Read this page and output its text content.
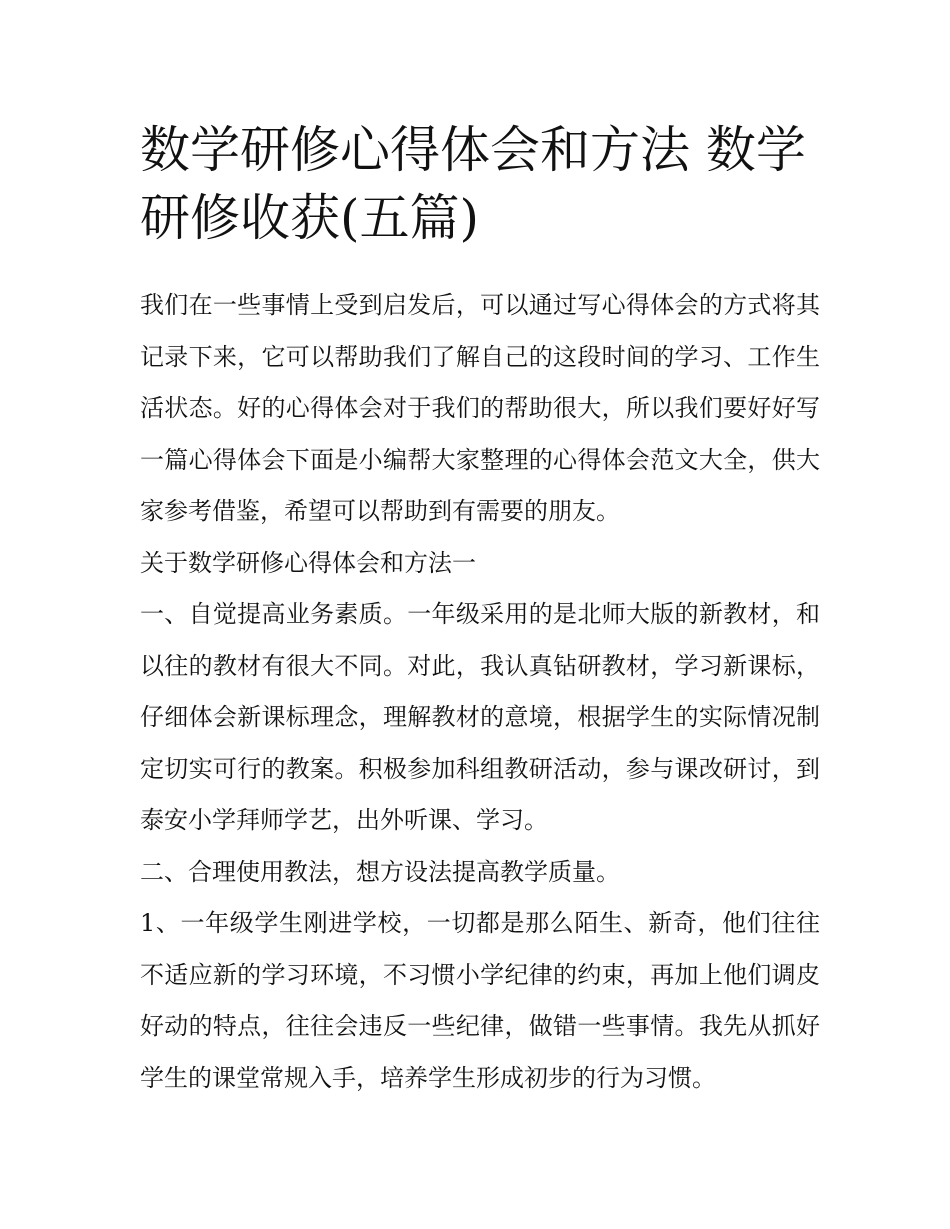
数学研修心得体会和方法 数学研修收获(五篇)

我们在一些事情上受到启发后，可以通过写心得体会的方式将其记录下来，它可以帮助我们了解自己的这段时间的学习、工作生活状态。好的心得体会对于我们的帮助很大，所以我们要好好写一篇心得体会下面是小编帮大家整理的心得体会范文大全，供大家参考借鉴，希望可以帮助到有需要的朋友。

关于数学研修心得体会和方法一

一、自觉提高业务素质。一年级采用的是北师大版的新教材，和以往的教材有很大不同。对此，我认真钻研教材，学习新课标，仔细体会新课标理念，理解教材的意境，根据学生的实际情况制定切实可行的教案。积极参加科组教研活动，参与课改研讨，到泰安小学拜师学艺，出外听课、学习。

二、合理使用教法，想方设法提高教学质量。

1、一年级学生刚进学校，一切都是那么陌生、新奇，他们往往不适应新的学习环境，不习惯小学纪律的约束，再加上他们调皮好动的特点，往往会违反一些纪律，做错一些事情。我先从抓好学生的课堂常规入手，培养学生形成初步的行为习惯。
